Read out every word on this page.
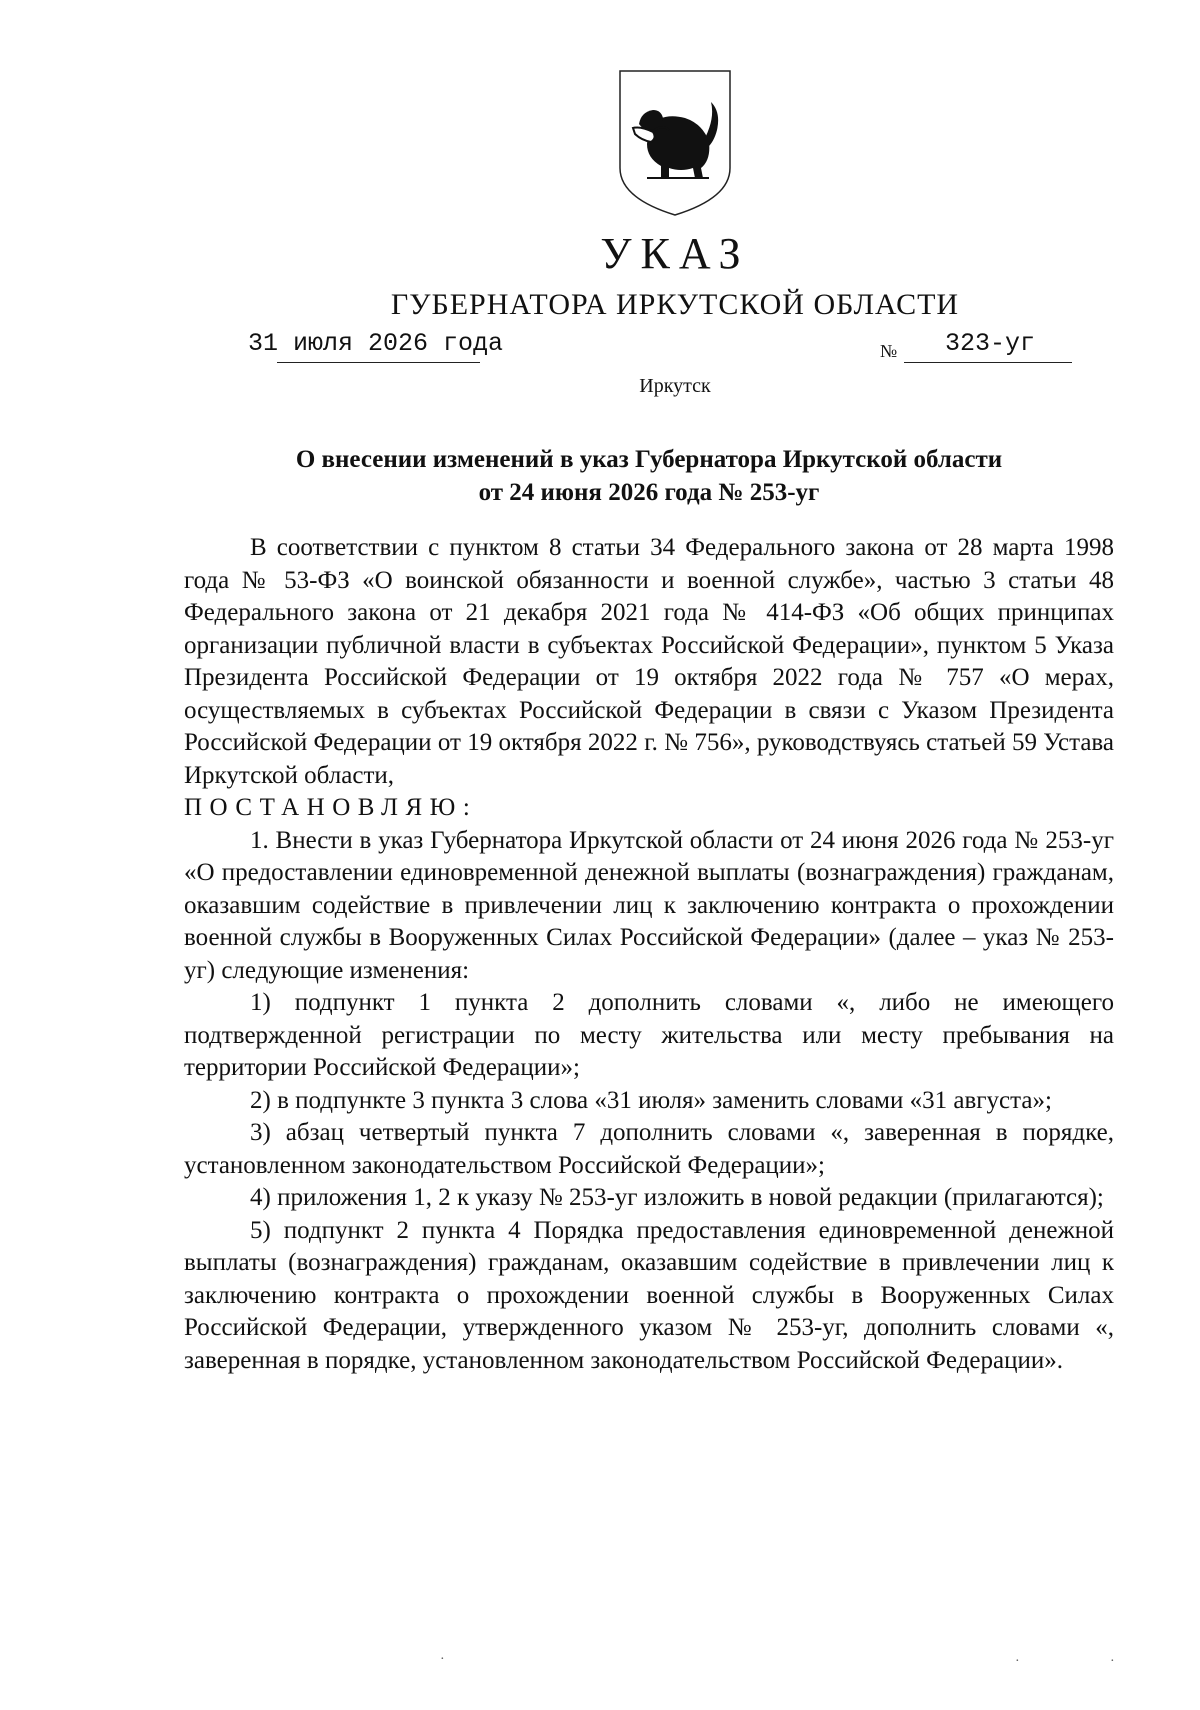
УКАЗ
ГУБЕРНАТОРА ИРКУТСКОЙ ОБЛАСТИ
31 июля 2026 года	№ 323-уг
Иркутск
О внесении изменений в указ Губернатора Иркутской области
от 24 июня 2026 года № 253-уг

В соответствии с пунктом 8 статьи 34 Федерального закона от 28 марта 1998 года № 53-ФЗ «О воинской обязанности и военной службе», частью 3 статьи 48 Федерального закона от 21 декабря 2021 года № 414-ФЗ «Об общих принципах организации публичной власти в субъектах Российской Федерации», пунктом 5 Указа Президента Российской Федерации от 19 октября 2022 года № 757 «О мерах, осуществляемых в субъектах Российской Федерации в связи с Указом Президента Российской Федерации от 19 октября 2022 г. № 756», руководствуясь статьей 59 Устава Иркутской области,

ПОСТАНОВЛЯЮ:

1. Внести в указ Губернатора Иркутской области от 24 июня 2026 года № 253-уг «О предоставлении единовременной денежной выплаты (вознаграждения) гражданам, оказавшим содействие в привлечении лиц к заключению контракта о прохождении военной службы в Вооруженных Силах Российской Федерации» (далее – указ № 253-уг) следующие изменения:

1) подпункт 1 пункта 2 дополнить словами «, либо не имеющего подтвержденной регистрации по месту жительства или месту пребывания на территории Российской Федерации»;

2) в подпункте 3 пункта 3 слова «31 июля» заменить словами «31 августа»;

3) абзац четвертый пункта 7 дополнить словами «, заверенная в порядке, установленном законодательством Российской Федерации»;

4) приложения 1, 2 к указу № 253-уг изложить в новой редакции (прилагаются);

5) подпункт 2 пункта 4 Порядка предоставления единовременной денежной выплаты (вознаграждения) гражданам, оказавшим содействие в привлечении лиц к заключению контракта о прохождении военной службы в Вооруженных Силах Российской Федерации, утвержденного указом № 253-уг, дополнить словами «, заверенная в порядке, установленном законодательством Российской Федерации».

·	·	·
